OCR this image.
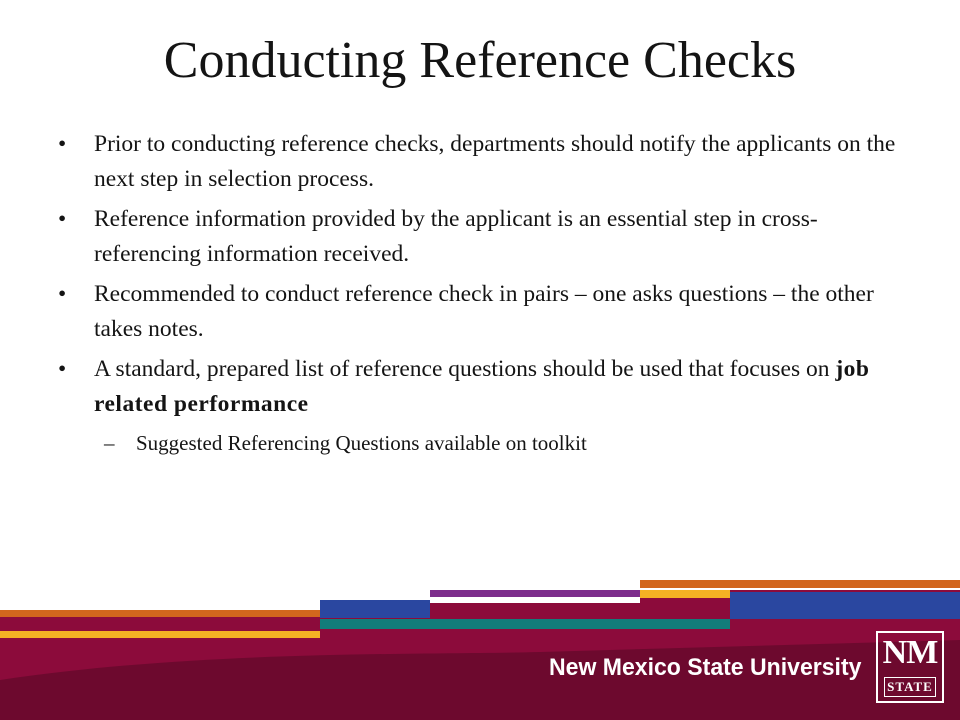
Conducting Reference Checks
• Prior to conducting reference checks, departments should notify the applicants on the next step in selection process.
• Reference information provided by the applicant is an essential step in cross-referencing information received.
• Recommended to conduct reference check in pairs – one asks questions – the other takes notes.
• A standard, prepared list of reference questions should be used that focuses on job related performance
– Suggested Referencing Questions available on toolkit
New Mexico State University NM
STATE
